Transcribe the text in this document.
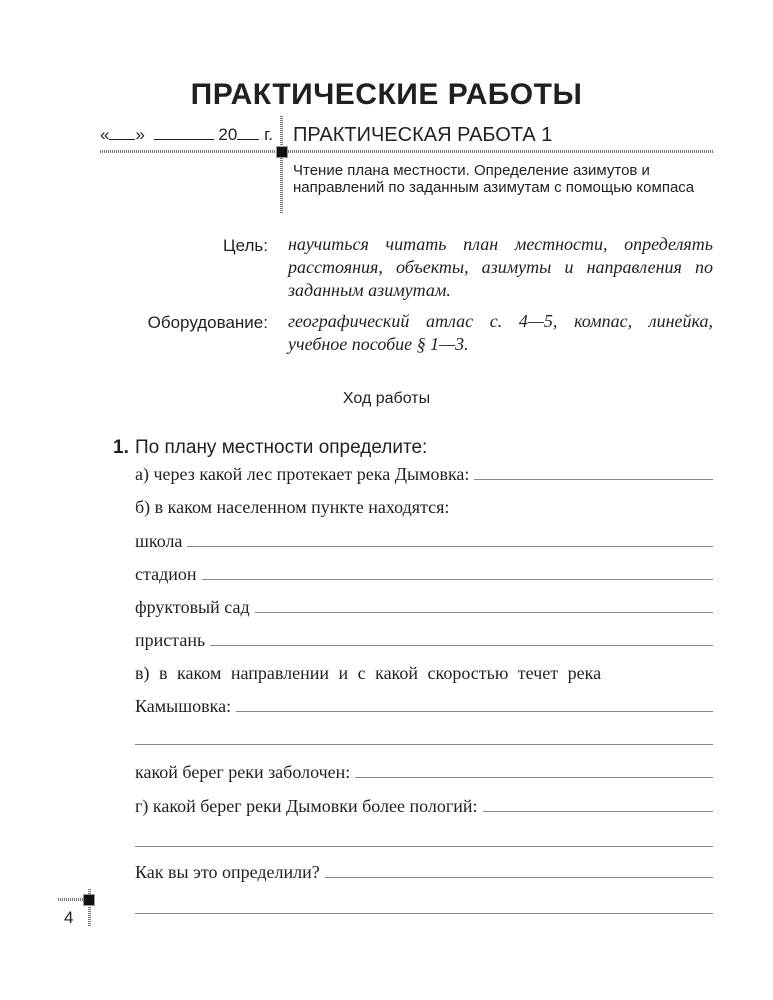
ПРАКТИЧЕСКИЕ РАБОТЫ
« »	20 г. ПРАКТИЧЕСКАЯ РАБОТА 1
Чтение плана местности. Определение азимутов и направлений по заданным азимутам с помощью компаса
Цель: научиться читать план местности, определять расстояния, объекты, азимуты и направления по заданным азимутам.
Оборудование: географический атлас с. 4—5, компас, линейка, учебное пособие § 1—3.
Ход работы
1. По плану местности определите:
а) через какой лес протекает река Дымовка:
б) в каком населенном пункте находятся:
школа
стадион
фруктовый сад
пристань
в) в каком направлении и с какой скоростью течет река
Камышовка:
какой берег реки заболочен:
г) какой берег реки Дымовки более пологий:
Как вы это определили?
4
